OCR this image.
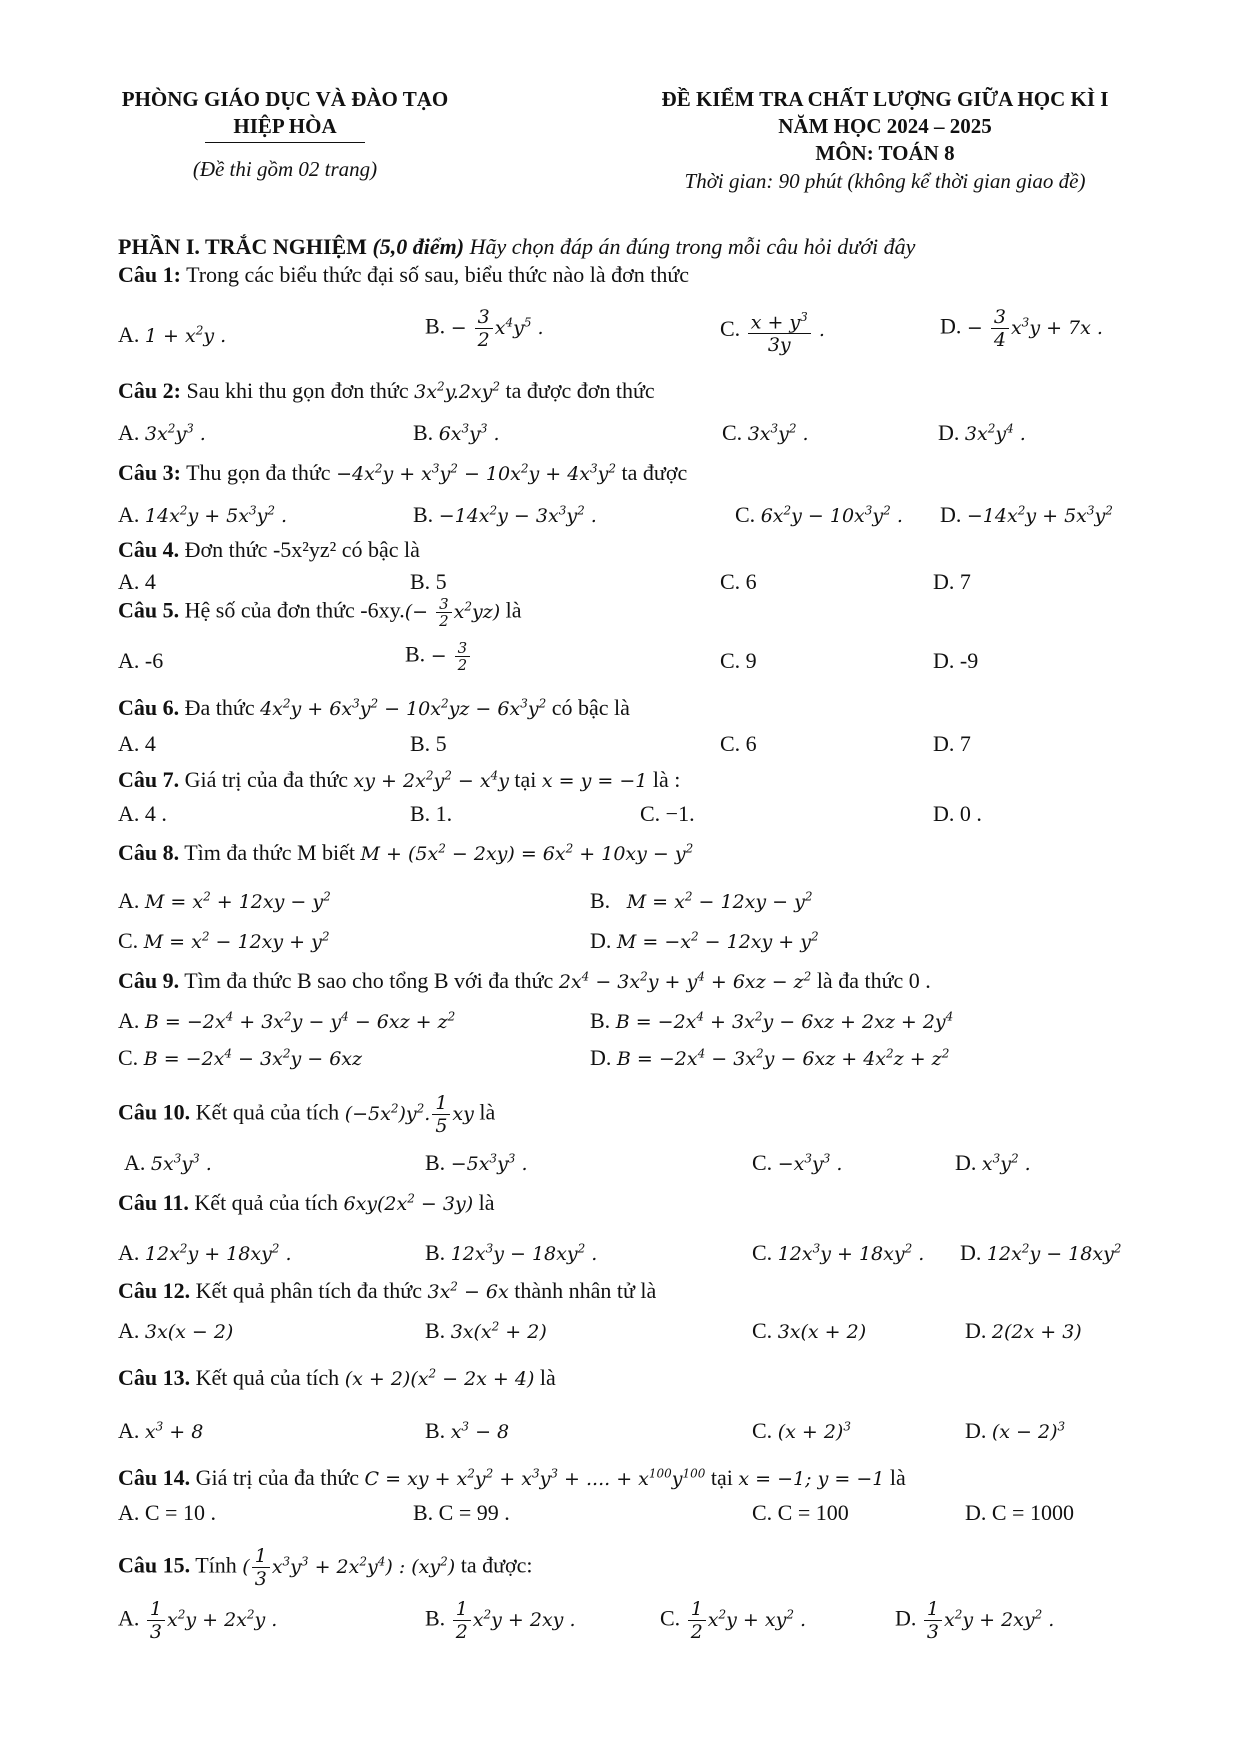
PHÒNG GIÁO DỤC VÀ ĐÀO TẠO
HIỆP HÒA
(Đề thi gồm 02 trang)
ĐỀ KIỂM TRA CHẤT LƯỢNG GIỮA HỌC KÌ I
NĂM HỌC 2024 – 2025
MÔN: TOÁN 8
Thời gian: 90 phút (không kể thời gian giao đề)
PHẦN I. TRẮC NGHIỆM (5,0 điểm) Hãy chọn đáp án đúng trong mỗi câu hỏi dưới đây
Câu 1: Trong các biểu thức đại số sau, biểu thức nào là đơn thức
A. $1 + x^2y$ .	B. − $\frac{3}{2} x^4y^5$ .	C. $\frac{x + y^3}{3y}$ .	D. − $\frac{3}{4} x^3y + 7x$ .
Câu 2: Sau khi thu gọn đơn thức $3x^2y.2xy^2$ ta được đơn thức
A. $3x^2y^3$ .	B. $6x^3y^3$ .	C. $3x^3y^2$ .	D. $3x^2y^4$ .
Câu 3: Thu gọn đa thức $-4x^2y + x^3y^2 - 10x^2y + 4x^3y^2$ ta được
A. $14x^2y + 5x^3y^2$ .	B. $-14x^2y - 3x^3y^2$ .	C. $6x^2y - 10x^3y^2$ . D. $-14x^2y + 5x^3y^2$
Câu 4. Đơn thức -5x²yz² có bậc là
A. 4	B. 5	C. 6	D. 7
Câu 5. Hệ số của đơn thức $-6xy.(- \frac{3}{2} x^2yz)$ là
A. -6	B. − $\frac{3}{2}$	C. 9	D. -9
Câu 6. Đa thức $4x^2y + 6x^3y^2 - 10x^2yz - 6x^3y^2$ có bậc là
A. 4	B. 5	C. 6	D. 7
Câu 7. Giá trị của đa thức xy + $2x^2y^2 - x^4y$ tại x = y = −1 là :
A. 4 .	B. 1.	C. −1.	D. 0 .
Câu 8. Tìm đa thức M biết $M + (5x^2 - 2xy) = 6x^2 + 10xy - y^2$
A. $M = x^2 + 12xy - y^2$	B.   $M = x^2 - 12xy - y^2$
C. $M = x^2 - 12xy + y^2$	D. $M = -x^2 - 12xy + y^2$
Câu 9. Tìm đa thức B sao cho tổng B với đa thức $2x^4 - 3x^2y + y^4 + 6xz - z^2$ là đa thức 0 .
A. $B = -2x^4 + 3x^2y - y^4 - 6xz + z^2$	B. $B = -2x^4 + 3x^2y - 6xz + 2xz + 2y^4$
C. $B = -2x^4 - 3x^2y - 6xz$	D. $B = -2x^4 - 3x^2y - 6xz + 4x^2z + z^2$
Câu 10. Kết quả của tích $(-5x^2)y^2$. $\frac{1}{5}$ xy là
A. $5x^3y^3$ .	B. $-5x^3y^3$ .	C. $-x^3y^3$ .	D. $x^3y^2$ .
Câu 11. Kết quả của tích $6xy(2x^2 - 3y)$ là
A. $12x^2y + 18xy^2$ .	B. $12x^3y - 18xy^2$ .	C. $12x^3y + 18xy^2$ . D. $12x^2y - 18xy^2$
Câu 12. Kết quả phân tích đa thức $3x^2 - 6x$ thành nhân tử là
A. 3x(x − 2)	B. $3x(x^2 + 2)$	C. 3x(x + 2)	D. 2(2x + 3)
Câu 13. Kết quả của tích $(x + 2)(x^2 - 2x + 4)$ là
A. $x^3 + 8$	B. $x^3 - 8$	C. $(x + 2)^3$	D. $(x - 2)^3$
Câu 14. Giá trị của đa thức C = xy + $x^2y^2 + x^3y^3$ + .... + $x^{100}y^{100}$ tại x = −1; y = −1 là
A. C = 10 .	B. C = 99 .	C. C = 100	D. C = 1000
Câu 15. Tính ( $\frac{1}{3} x^3y^3 + 2x^2y^4$) : $(xy^2)$ ta được:
A. $\frac{1}{3} x^2y + 2x^2y$ .	B. $\frac{1}{2} x^2y + 2xy$ .	C. $\frac{1}{2} x^2y + xy^2$ .	D. $\frac{1}{3} x^2y + 2xy^2$ .
